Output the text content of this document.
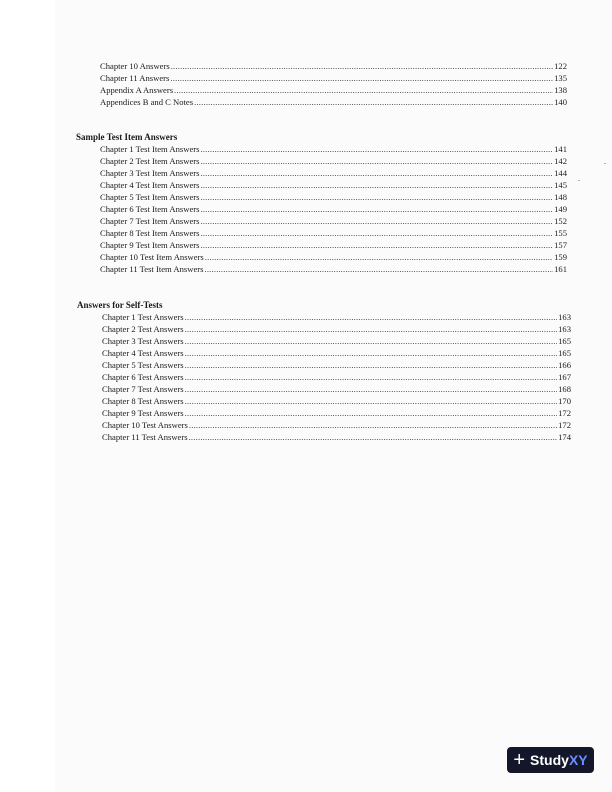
Chapter 10 Answers .....	122
Chapter 11 Answers .....	135
Appendix A Answers .....	138
Appendices B and C Notes .....	140
Sample Test Item Answers
Chapter 1 Test Item Answers .....	141
Chapter 2 Test Item Answers .....	142
Chapter 3 Test Item Answers .....	144
Chapter 4 Test Item Answers .....	145
Chapter 5 Test Item Answers .....	148
Chapter 6 Test Item Answers .....	149
Chapter 7 Test Item Answers .....	152
Chapter 8 Test Item Answers .....	155
Chapter 9 Test Item Answers .....	157
Chapter 10 Test Item Answers .....	159
Chapter 11 Test Item Answers .....	161
Answers for Self-Tests
Chapter 1 Test Answers .....	163
Chapter 2 Test Answers .....	163
Chapter 3 Test Answers .....	165
Chapter 4 Test Answers .....	165
Chapter 5 Test Answers .....	166
Chapter 6 Test Answers .....	167
Chapter 7 Test Answers .....	168
Chapter 8 Test Answers .....	170
Chapter 9 Test Answers .....	172
Chapter 10 Test Answers .....	172
Chapter 11 Test Answers .....	174
+ StudyXY
